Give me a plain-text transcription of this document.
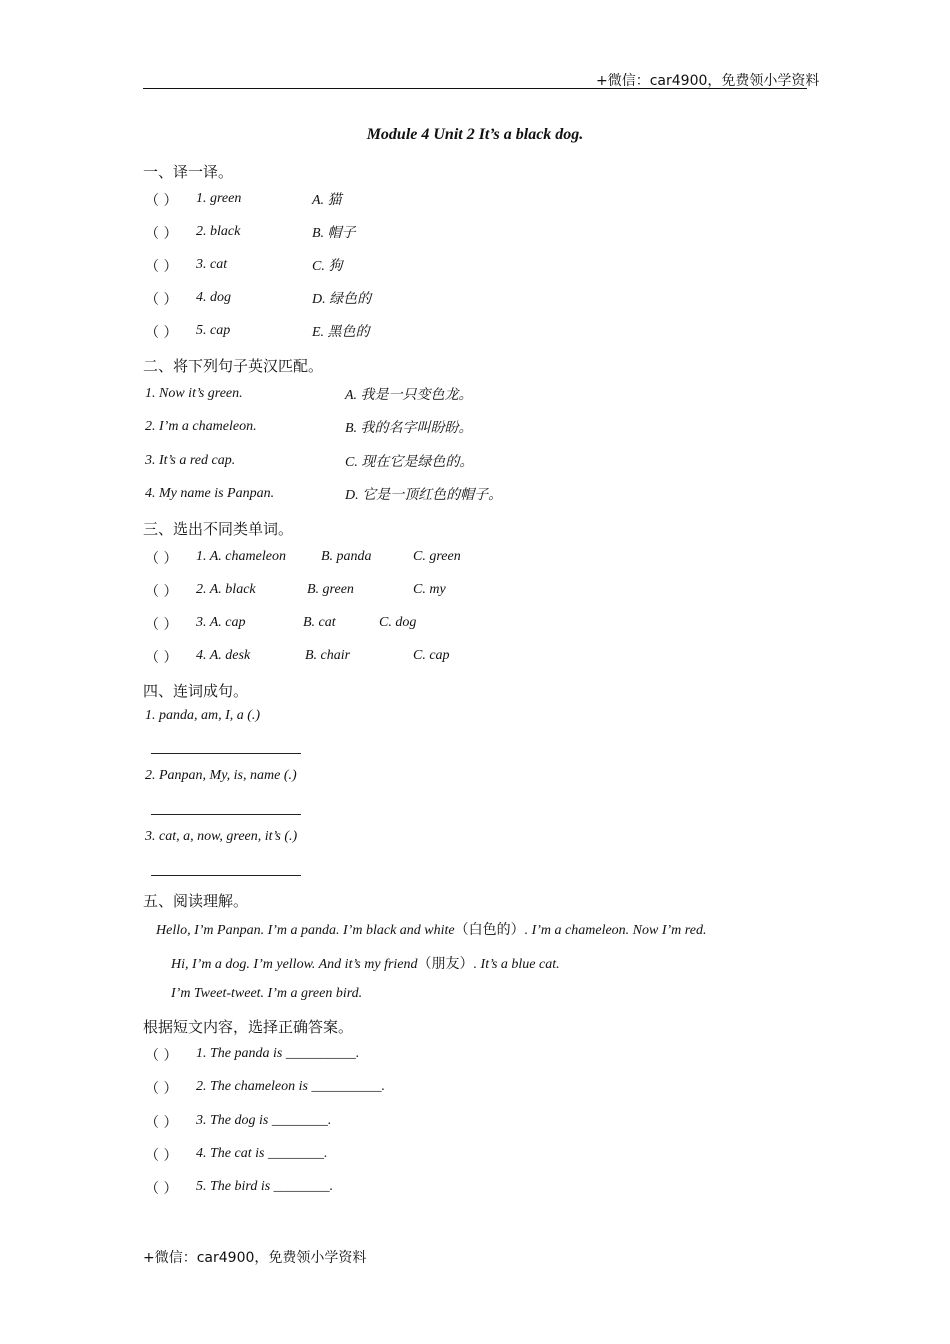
+微信：car4900，免费领小学资料
Module 4 Unit 2 It’s a black dog.
一、译一译。
（ ） 1. green	A. 猫
（ ） 2. black	B. 帽子
（ ） 3. cat	C. 狗
（ ） 4. dog	D. 绿色的
（ ） 5. cap	E. 黑色的
二、将下列句子英汉匹配。
1. Now it’s green.	A. 我是一只变色龙。
2. I’m a chameleon.	B. 我的名字叫盼盼。
3. It’s a red cap.	C. 现在它是绿色的。
4. My name is Panpan.	D. 它是一顶红色的帽子。
三、选出不同类单词。
（ ） 1. A. chameleon	B. panda	C. green
（ ） 2. A. black	B. green	C. my
（ ） 3. A. cap	B. cat	C. dog
（ ） 4. A. desk	B. chair	C. cap
四、连词成句。
1. panda, am, I, a (.)
2. Panpan, My, is, name (.)
3. cat, a, now, green, it’s (.)
五、阅读理解。
Hello, I’m Panpan. I’m a panda. I’m black and white（白色的）. I’m a chameleon. Now I’m red.
Hi, I’m a dog. I’m yellow. And it’s my friend（朋友）. It’s a blue cat.
I’m Tweet-tweet. I’m a green bird.
根据短文内容，选择正确答案。
（ ） 1. The panda is __________.
（ ） 2. The chameleon is __________.
（ ） 3. The dog is ________.
（ ） 4. The cat is ________.
（ ） 5. The bird is ________.
+微信：car4900，免费领小学资料
